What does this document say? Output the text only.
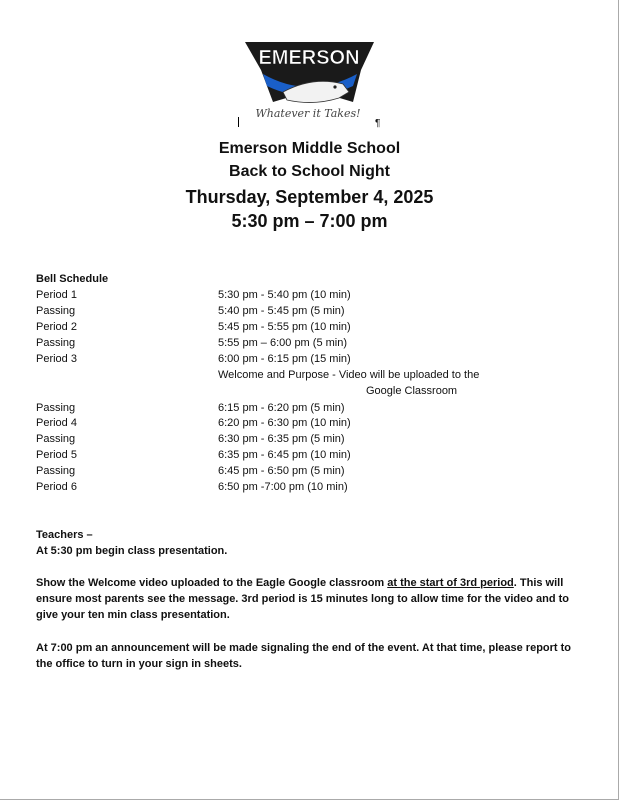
EMERSON
Whatever it Takes!
¶
Emerson Middle School
Back to School Night
Thursday, September 4, 2025
5:30 pm – 7:00 pm
Bell Schedule
Period 1	5:30 pm - 5:40 pm (10 min)
Passing	5:40 pm - 5:45 pm (5 min)
Period 2	5:45 pm - 5:55 pm (10 min)
Passing	5:55 pm – 6:00 pm (5 min)
Period 3	6:00 pm - 6:15 pm (15 min)
Welcome and Purpose - Video will be uploaded to the
Google Classroom
Passing	6:15 pm - 6:20 pm (5 min)
Period 4	6:20 pm - 6:30 pm (10 min)
Passing	6:30 pm - 6:35 pm (5 min)
Period 5	6:35 pm - 6:45 pm (10 min)
Passing	6:45 pm - 6:50 pm (5 min)
Period 6	6:50 pm -7:00 pm (10 min)
Teachers –
At 5:30 pm begin class presentation.
Show the Welcome video uploaded to the Eagle Google classroom at the start of 3rd period. This will ensure most parents see the message. 3rd period is 15 minutes long to allow time for the video and to give your ten min class presentation.
At 7:00 pm an announcement will be made signaling the end of the event. At that time, please report to the office to turn in your sign in sheets.
